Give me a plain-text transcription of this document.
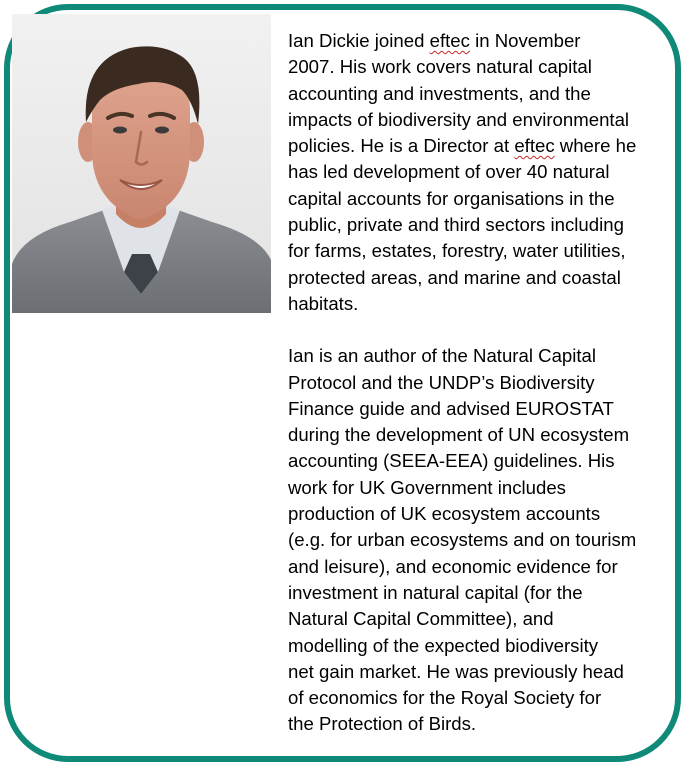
Ian Dickie joined eftec in November
2007. His work covers natural capital
accounting and investments, and the
impacts of biodiversity and environmental
policies. He is a Director at eftec where he
has led development of over 40 natural
capital accounts for organisations in the
public, private and third sectors including
for farms, estates, forestry, water utilities,
protected areas, and marine and coastal
habitats.
Ian is an author of the Natural Capital
Protocol and the UNDP’s Biodiversity
Finance guide and advised EUROSTAT
during the development of UN ecosystem
accounting (SEEA-EEA) guidelines. His
work for UK Government includes
production of UK ecosystem accounts
(e.g. for urban ecosystems and on tourism
and leisure), and economic evidence for
investment in natural capital (for the
Natural Capital Committee), and
modelling of the expected biodiversity
net gain market. He was previously head
of economics for the Royal Society for
the Protection of Birds.
